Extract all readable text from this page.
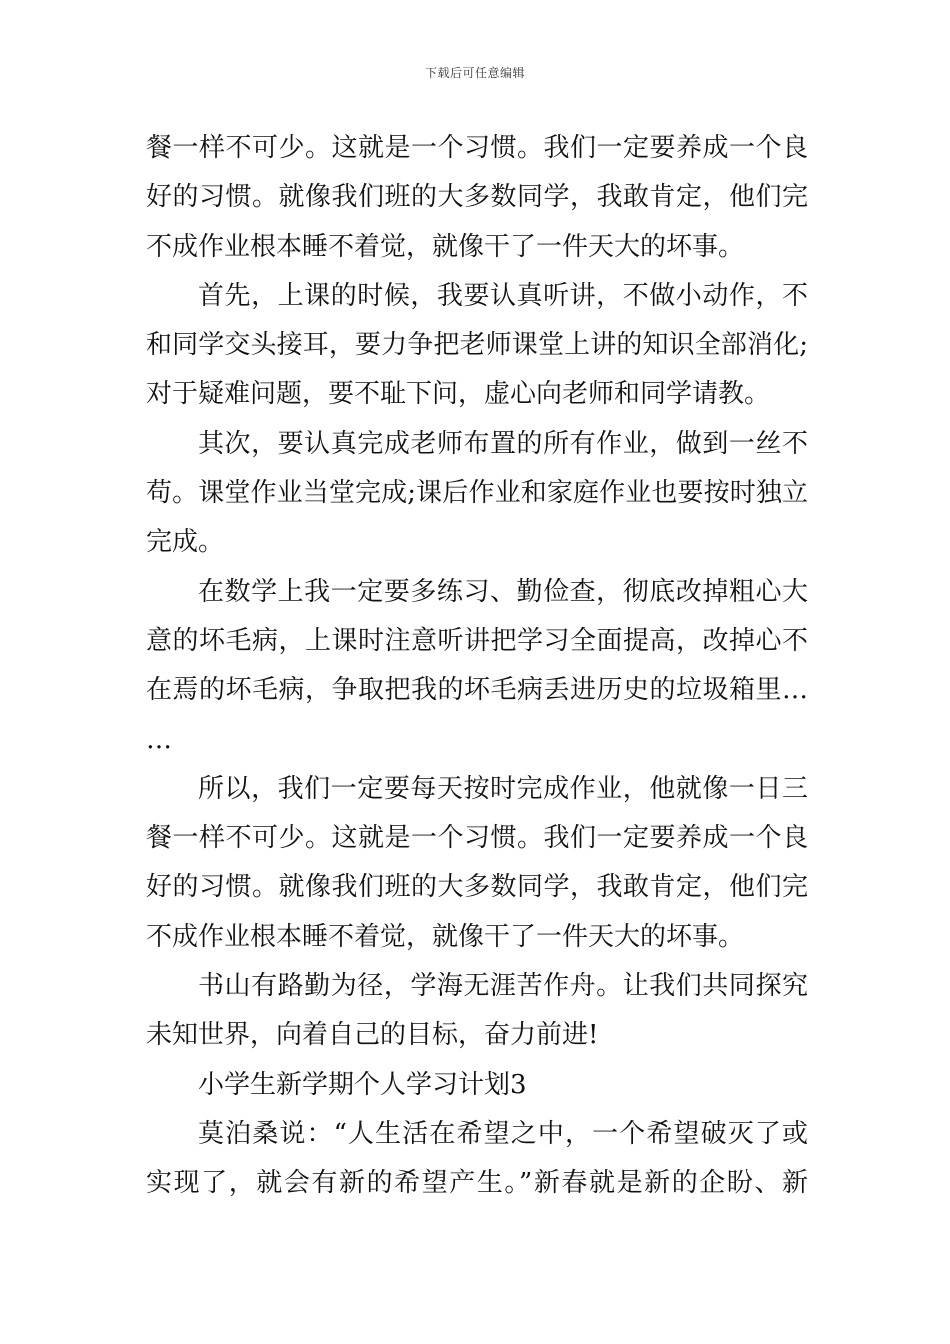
下载后可任意编辑
餐一样不可少。这就是一个习惯。我们一定要养成一个良
好的习惯。就像我们班的大多数同学，我敢肯定，他们完
不成作业根本睡不着觉，就像干了一件天大的坏事。
首先，上课的时候，我要认真听讲，不做小动作，不
和同学交头接耳，要力争把老师课堂上讲的知识全部消化;
对于疑难问题，要不耻下问，虚心向老师和同学请教。
其次，要认真完成老师布置的所有作业，做到一丝不
苟。课堂作业当堂完成;课后作业和家庭作业也要按时独立
完成。
在数学上我一定要多练习、勤俭查，彻底改掉粗心大
意的坏毛病，上课时注意听讲把学习全面提高，改掉心不
在焉的坏毛病，争取把我的坏毛病丢进历史的垃圾箱里…
…
所以，我们一定要每天按时完成作业，他就像一日三
餐一样不可少。这就是一个习惯。我们一定要养成一个良
好的习惯。就像我们班的大多数同学，我敢肯定，他们完
不成作业根本睡不着觉，就像干了一件天大的坏事。
书山有路勤为径，学海无涯苦作舟。让我们共同探究
未知世界，向着自己的目标，奋力前进!
小学生新学期个人学习计划3
莫泊桑说：“人生活在希望之中，一个希望破灭了或
实现了，就会有新的希望产生。”新春就是新的企盼、新
